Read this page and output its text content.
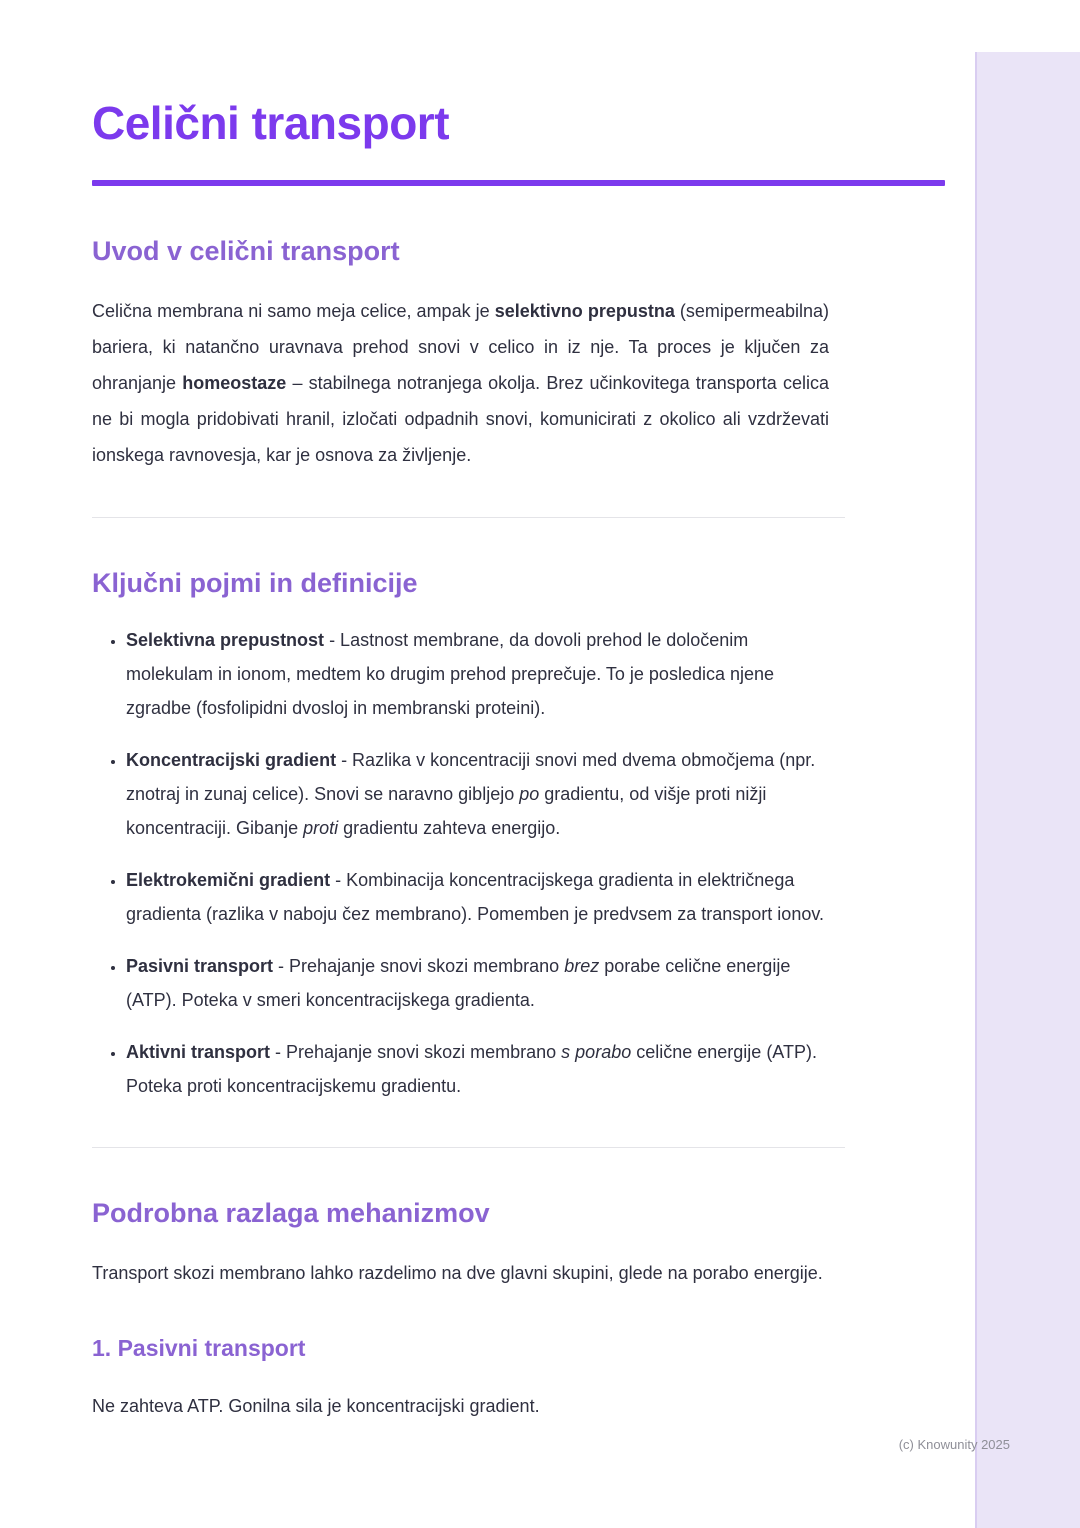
Celični transport
Uvod v celični transport

Celična membrana ni samo meja celice, ampak je selektivno prepustna (semipermeabilna) bariera, ki natančno uravnava prehod snovi v celico in iz nje. Ta proces je ključen za ohranjanje homeostaze – stabilnega notranjega okolja. Brez učinkovitega transporta celica ne bi mogla pridobivati hranil, izločati odpadnih snovi, komunicirati z okolico ali vzdrževati ionskega ravnovesja, kar je osnova za življenje.

Ključni pojmi in definicije
• Selektivna prepustnost - Lastnost membrane, da dovoli prehod le določenim molekulam in ionom, medtem ko drugim prehod preprečuje. To je posledica njene zgradbe (fosfolipidni dvosloj in membranski proteini).
• Koncentracijski gradient - Razlika v koncentraciji snovi med dvema območjema (npr. znotraj in zunaj celice). Snovi se naravno gibljejo po gradientu, od višje proti nižji koncentraciji. Gibanje proti gradientu zahteva energijo.
• Elektrokemični gradient - Kombinacija koncentracijskega gradienta in električnega gradienta (razlika v naboju čez membrano). Pomemben je predvsem za transport ionov.
• Pasivni transport - Prehajanje snovi skozi membrano brez porabe celične energije (ATP). Poteka v smeri koncentracijskega gradienta.
• Aktivni transport - Prehajanje snovi skozi membrano s porabo celične energije (ATP). Poteka proti koncentracijskemu gradientu.
Podrobna razlaga mehanizmov

Transport skozi membrano lahko razdelimo na dve glavni skupini, glede na porabo energije.

1. Pasivni transport

Ne zahteva ATP. Gonilna sila je koncentracijski gradient.

(c) Knowunity 2025
